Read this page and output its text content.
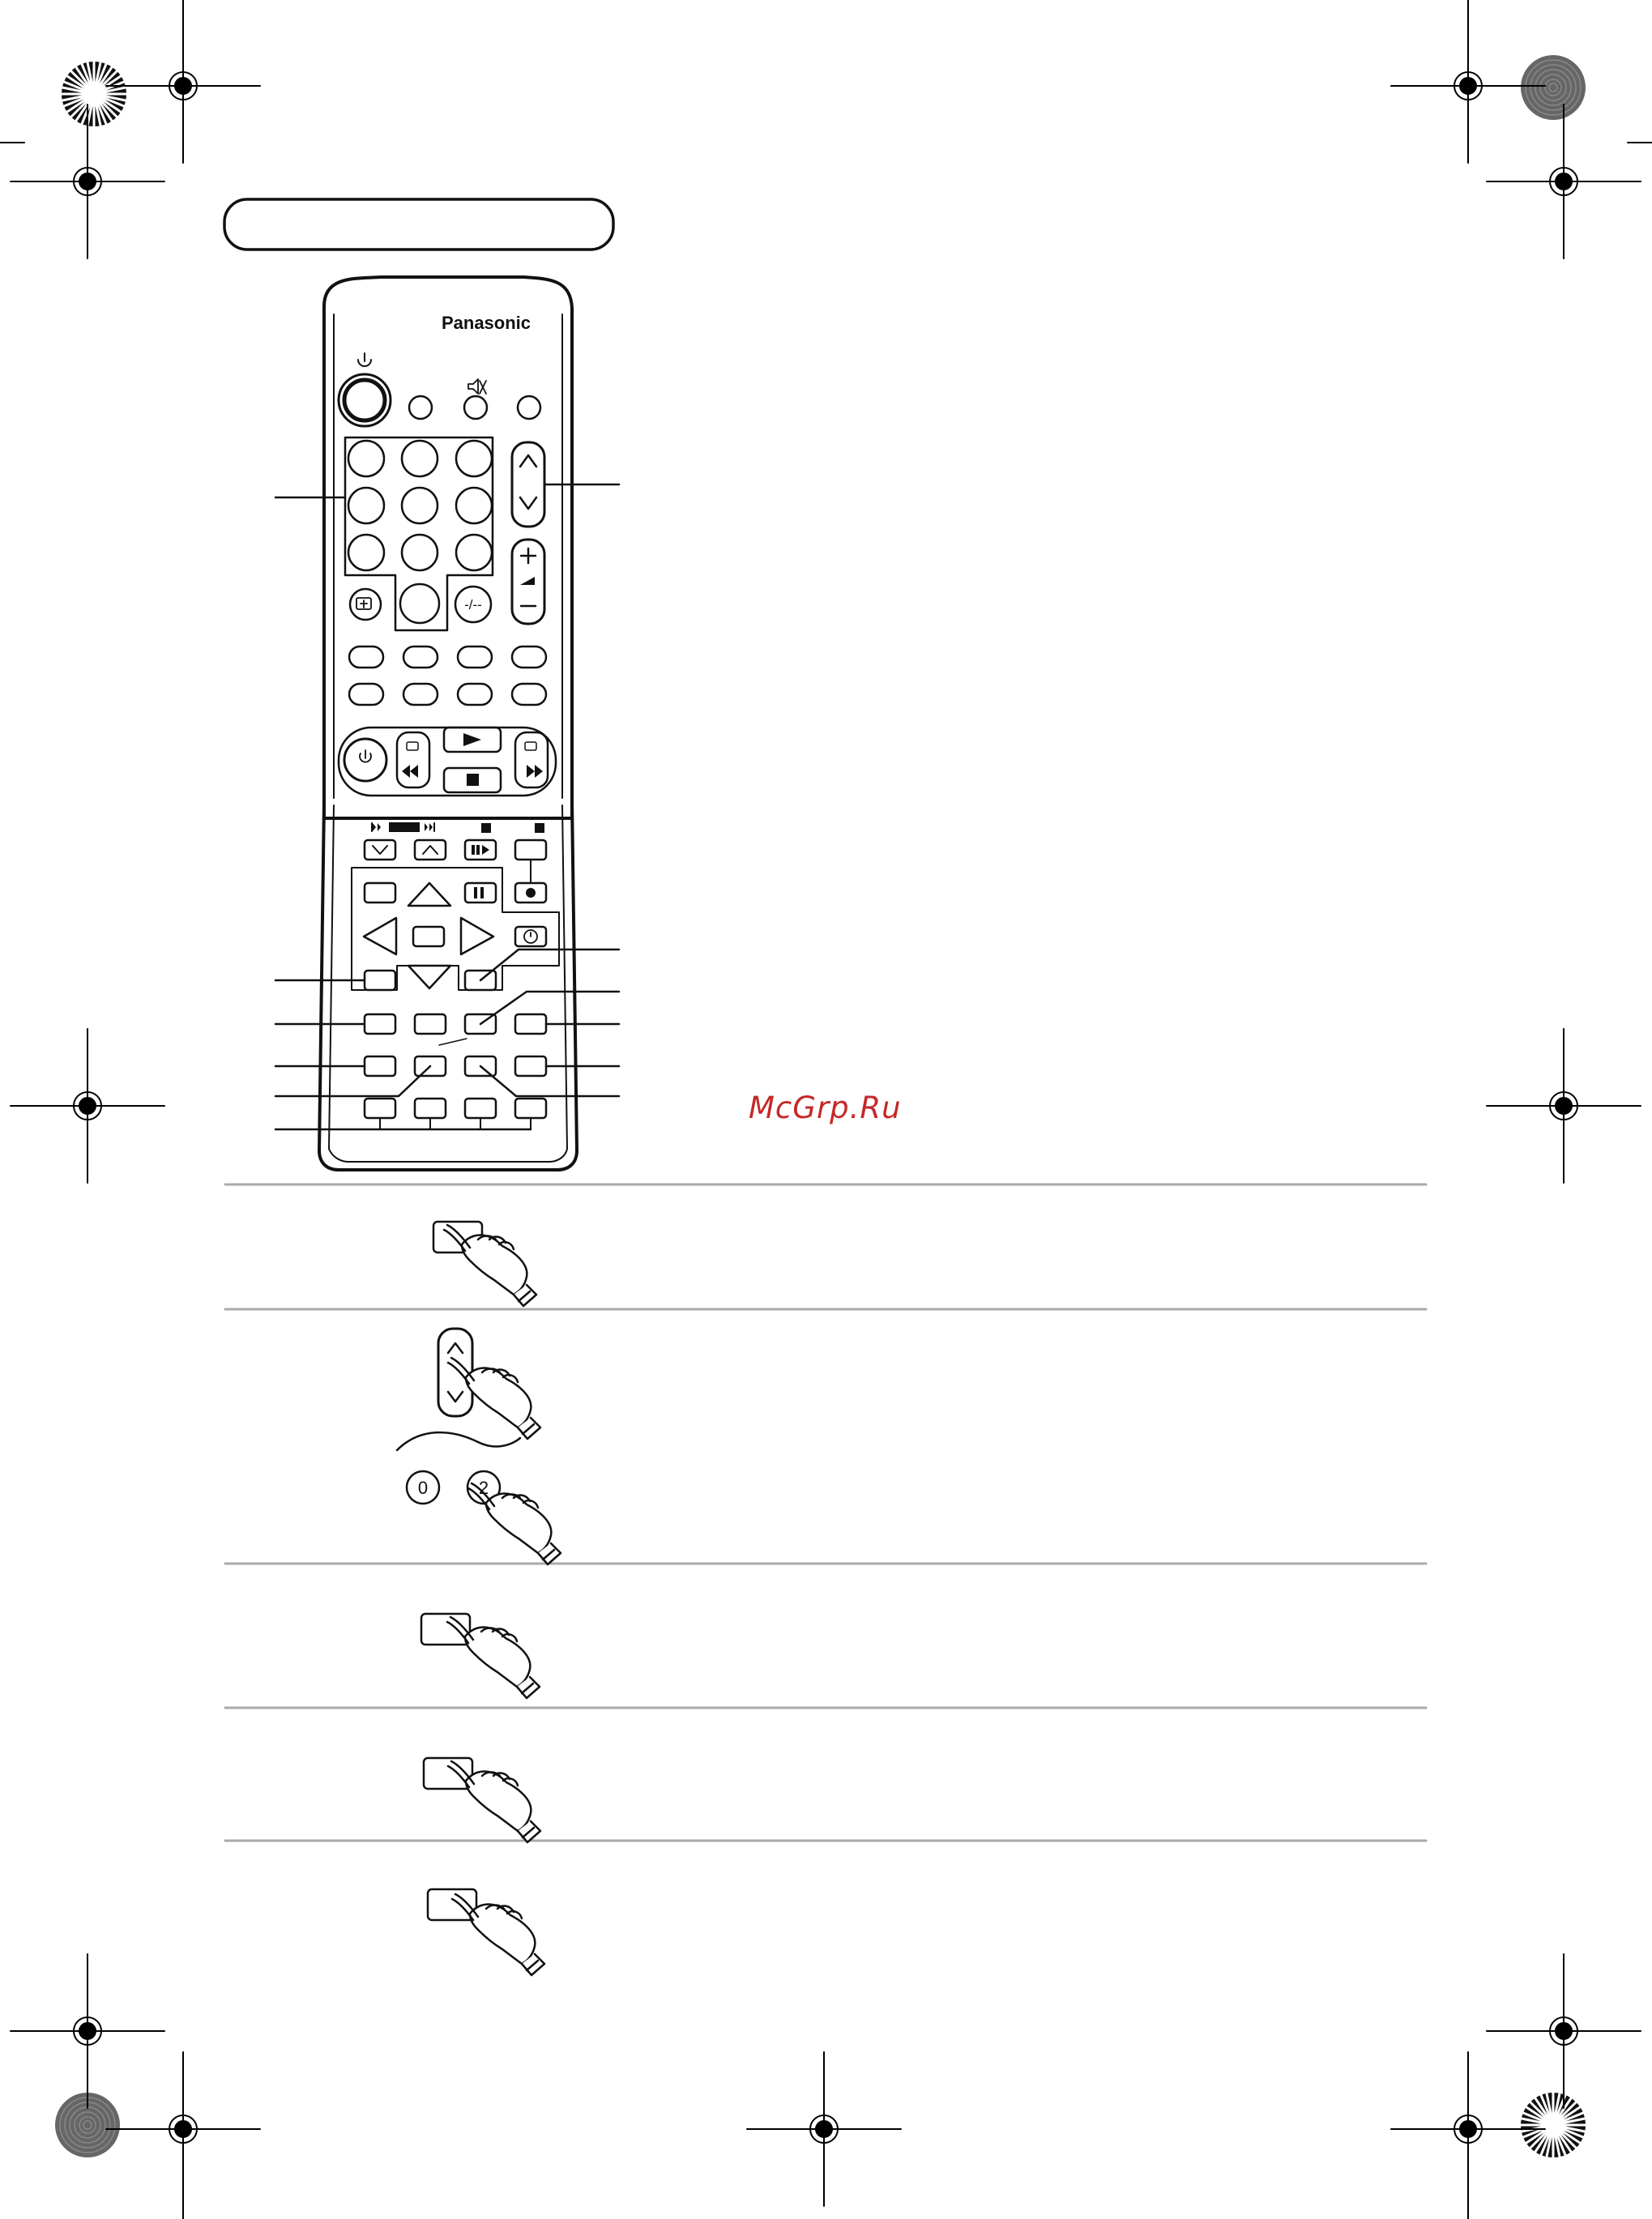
-/--
0	2
Panasonic
McGrp.Ru
